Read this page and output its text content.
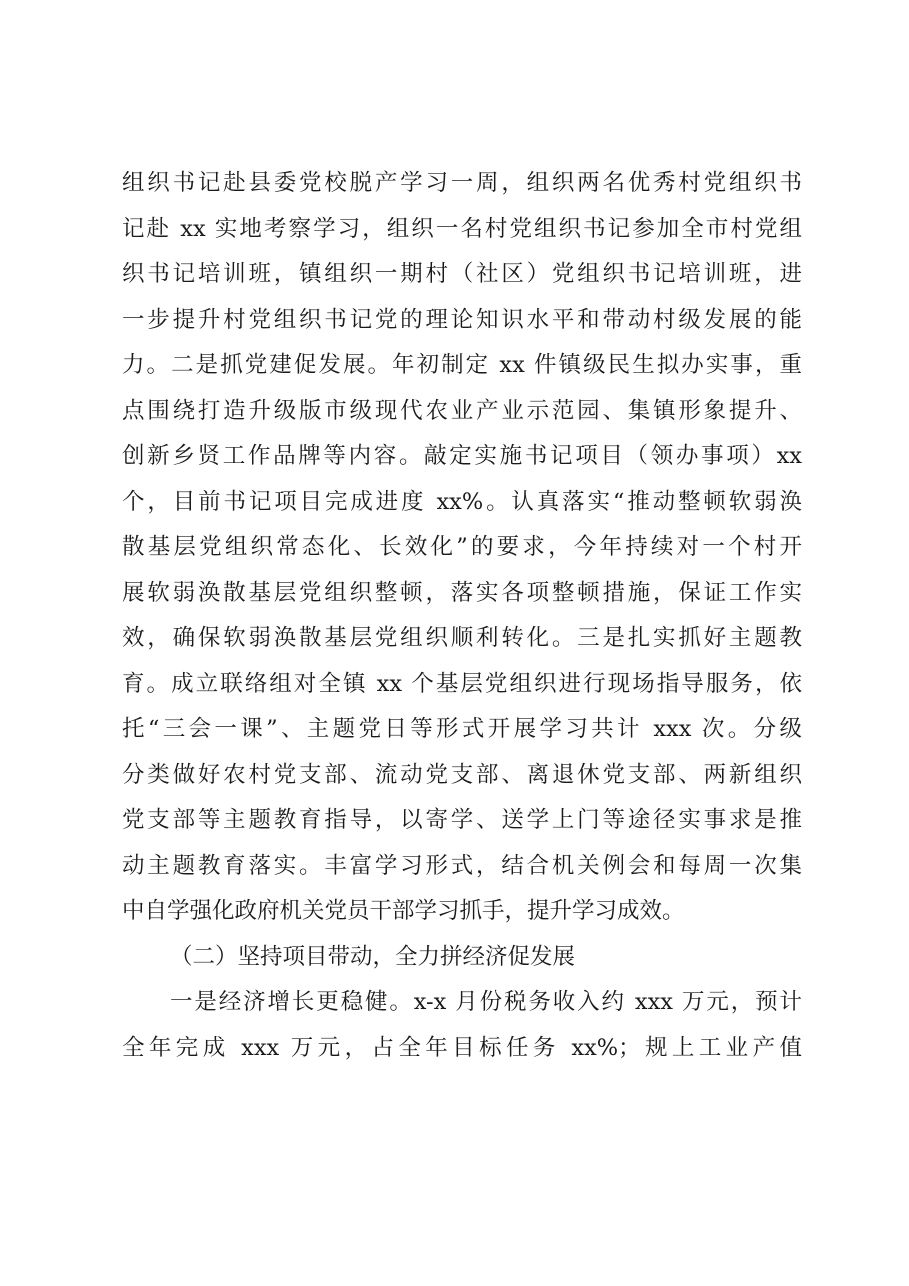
组织书记赴县委党校脱产学习一周，组织两名优秀村党组织书
记赴 xx 实地考察学习，组织一名村党组织书记参加全市村党组
织书记培训班，镇组织一期村（社区）党组织书记培训班，进
一步提升村党组织书记党的理论知识水平和带动村级发展的能
力。二是抓党建促发展。年初制定 xx 件镇级民生拟办实事，重
点围绕打造升级版市级现代农业产业示范园、集镇形象提升、
创新乡贤工作品牌等内容。敲定实施书记项目（领办事项）xx
个，目前书记项目完成进度 xx%。认真落实“推动整顿软弱涣
散基层党组织常态化、长效化”的要求，今年持续对一个村开
展软弱涣散基层党组织整顿，落实各项整顿措施，保证工作实
效，确保软弱涣散基层党组织顺利转化。三是扎实抓好主题教
育。成立联络组对全镇 xx 个基层党组织进行现场指导服务，依
托“三会一课”、主题党日等形式开展学习共计 xxx 次。分级
分类做好农村党支部、流动党支部、离退休党支部、两新组织
党支部等主题教育指导，以寄学、送学上门等途径实事求是推
动主题教育落实。丰富学习形式，结合机关例会和每周一次集
中自学强化政府机关党员干部学习抓手，提升学习成效。
（二）坚持项目带动，全力拼经济促发展
一是经济增长更稳健。x-x 月份税务收入约 xxx 万元，预计
全年完成 xxx 万元，占全年目标任务 xx%；规上工业产值
